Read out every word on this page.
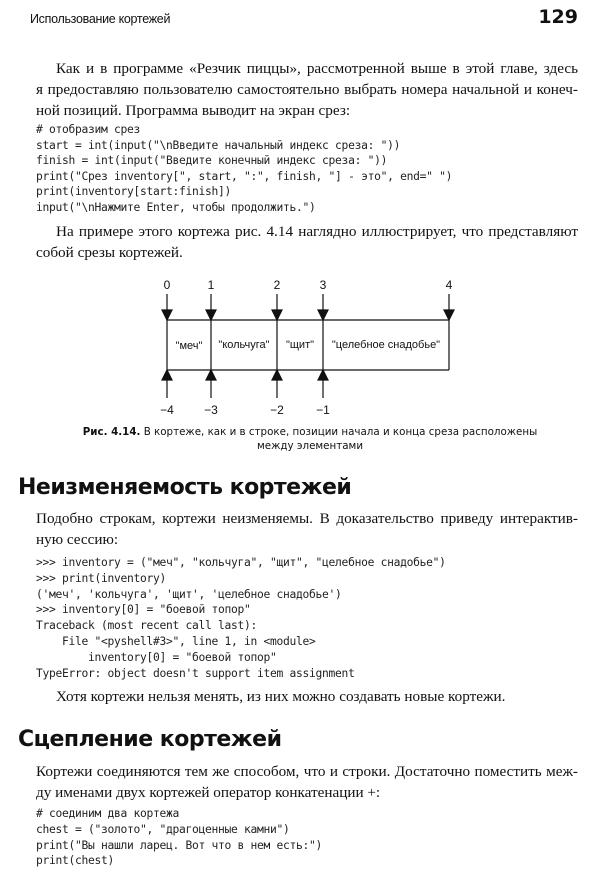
Использование кортежей	129
Как и в программе «Резчик пиццы», рассмотренной выше в этой главе, здесь
я предоставляю пользователю самостоятельно выбрать номера начальной и конеч-
ной позиций. Программа выводит на экран срез:
# отобразим срез
start = int(input("\nВведите начальный индекс среза: "))
finish = int(input("Введите конечный индекс среза: "))
print("Срез inventory[", start, ":", finish, "] - это", end=" ")
print(inventory[start:finish])
input("\nНажмите Enter, чтобы продолжить.")
На примере этого кортежа рис. 4.14 наглядно иллюстрирует, что представляют
собой срезы кортежей.
0	1	2	3	4
−4	−3	−2	−1
"меч" "кольчуга" "щит" "целебное снадобье"
Рис. 4.14. В кортеже, как и в строке, позиции начала и конца среза расположены
между элементами
Неизменяемость кортежей
Подобно строкам, кортежи неизменяемы. В доказательство приведу интерактив-
ную сессию:
>>> inventory = ("меч", "кольчуга", "щит", "целебное снадобье")
>>> print(inventory)
('меч', 'кольчуга', 'щит', 'целебное снадобье')
>>> inventory[0] = "боевой топор"
Traceback (most recent call last):
File "<pyshell#3>", line 1, in <module>
inventory[0] = "боевой топор"
TypeError: object doesn't support item assignment
Хотя кортежи нельзя менять, из них можно создавать новые кортежи.
Сцепление кортежей
Кортежи соединяются тем же способом, что и строки. Достаточно поместить меж-
ду именами двух кортежей оператор конкатенации +:
# соединим два кортежа
chest = ("золото", "драгоценные камни")
print("Вы нашли ларец. Вот что в нем есть:")
print(chest)
